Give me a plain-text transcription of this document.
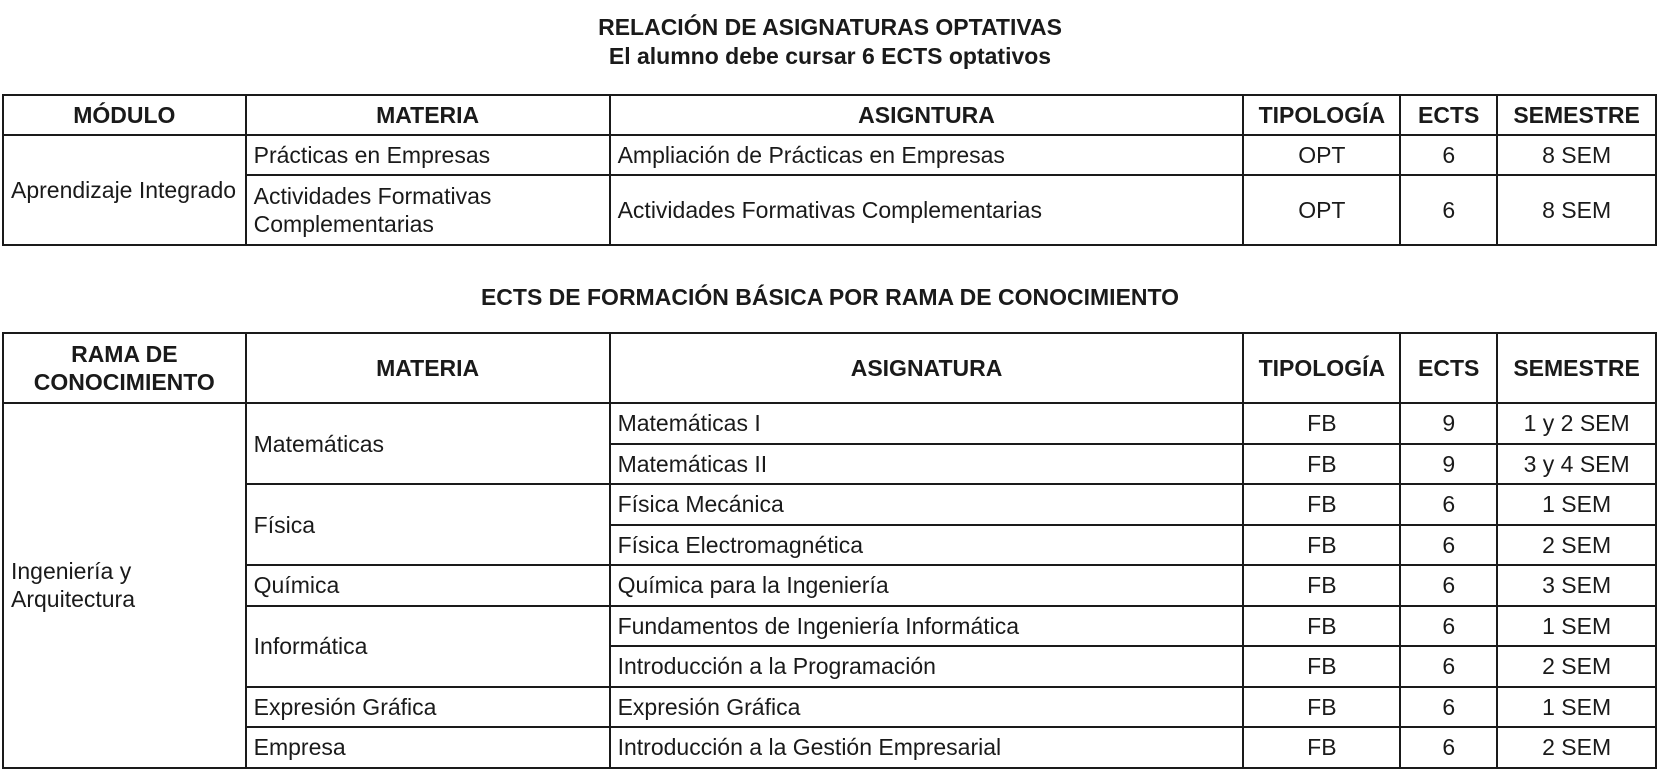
RELACIÓN DE ASIGNATURAS OPTATIVAS
El alumno debe cursar 6 ECTS optativos
MÓDULO	MATERIA	ASIGNTURA	TIPOLOGÍA	ECTS	SEMESTRE
Aprendizaje Integrado	Prácticas en Empresas	Ampliación de Prácticas en Empresas	OPT	6	8 SEM
	Actividades Formativas Complementarias	Actividades Formativas Complementarias	OPT	6	8 SEM
ECTS DE FORMACIÓN BÁSICA POR RAMA DE CONOCIMIENTO
RAMA DE CONOCIMIENTO	MATERIA	ASIGNATURA	TIPOLOGÍA	ECTS	SEMESTRE
Ingeniería y Arquitectura	Matemáticas	Matemáticas I	FB	9	1 y 2 SEM
		Matemáticas II	FB	9	3 y 4 SEM
	Física	Física Mecánica	FB	6	1 SEM
		Física Electromagnética	FB	6	2 SEM
	Química	Química para la Ingeniería	FB	6	3 SEM
	Informática	Fundamentos de Ingeniería Informática	FB	6	1 SEM
		Introducción a la Programación	FB	6	2 SEM
	Expresión Gráfica	Expresión Gráfica	FB	6	1 SEM
	Empresa	Introducción a la Gestión Empresarial	FB	6	2 SEM
